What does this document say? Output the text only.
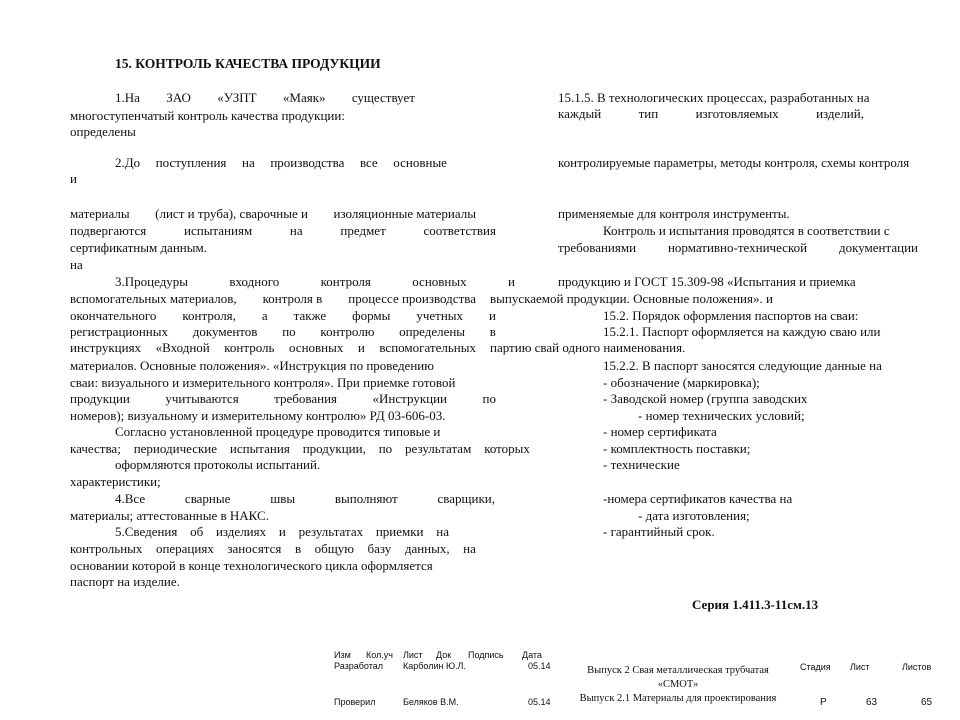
15. КОНТРОЛЬ КАЧЕСТВА ПРОДУКЦИИ
1.На ЗАО «УЗПТ «Маяк» существует
многоступенчатый контроль качества продукции:
определены
2.До поступления на производства все основные
и
материалы (лист и труба), сварочные и изоляционные материалы
подвергаются	испытаниям	на	предмет	соответствия
сертификатным данным.
на
3.Процедуры	входного	контроля	основных	и
вспомогательных материалов, контроля в процессе производства
окончательного контроля, а также формы учетных и
регистрационных документов по контролю определены в
инструкциях «Входной контроль основных и вспомогательных
материалов. Основные положения». «Инструкция по проведению
сваи: визуального и измерительного контроля». При приемке готовой
продукции	учитываются	требования	«Инструкции	по
номеров); визуальному и измерительному контролю» РД 03-606-03.
Согласно установленной процедуре проводится типовые и
качества; периодические испытания продукции, по результатам которых
оформляются протоколы испытаний.
характеристики;
4.Все	сварные	швы	выполняют	сварщики,
материалы; аттестованные в НАКС.
5.Сведения об изделиях и результатах приемки на
контрольных операциях заносятся в общую базу данных, на
основании которой в конце технологического цикла оформляется
паспорт на изделие.
15.1.5. В технологических процессах, разработанных на
каждый	тип	изготовляемых	изделий,
контролируемые параметры, методы контроля, схемы контроля
применяемые для контроля инструменты.
Контроль и испытания проводятся в соответствии с
требованиями нормативно-технической документации
продукцию и ГОСТ 15.309-98 «Испытания и приемка
выпускаемой продукции. Основные положения». и
15.2. Порядок оформления паспортов на сваи:
15.2.1. Паспорт оформляется на каждую сваю или
партию свай одного наименования.
15.2.2. В паспорт заносятся следующие данные на
- обозначение (маркировка);
- Заводской номер (группа заводских
- номер технических условий;
- номер сертификата
- комплектность поставки;
- технические
-номера сертификатов качества на
- дата изготовления;
- гарантийный срок.
Серия 1.411.3-11см.13
Изм Кол.уч Лист Док Подпись Дата
Разработал Карболин Ю.Л.	05.14
Проверил	Беляков В.М.	05.14
Выпуск 2 Свая металлическая трубчатая
«СМОТ»
Выпуск 2.1 Материалы для проектирования
Стадия Лист	Листов
Р	63	65
